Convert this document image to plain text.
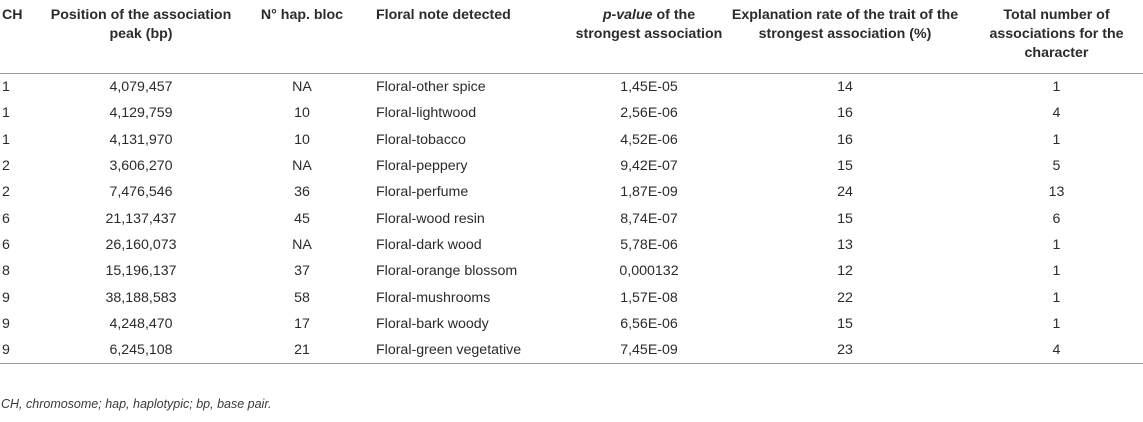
CH	Position of the association peak (bp)	N° hap. bloc	Floral note detected	p-value of the strongest association	Explanation rate of the trait of the strongest association (%)	Total number of associations for the character
1	4,079,457	NA	Floral-other spice	1,45E-05	14	1
1	4,129,759	10	Floral-lightwood	2,56E-06	16	4
1	4,131,970	10	Floral-tobacco	4,52E-06	16	1
2	3,606,270	NA	Floral-peppery	9,42E-07	15	5
2	7,476,546	36	Floral-perfume	1,87E-09	24	13
6	21,137,437	45	Floral-wood resin	8,74E-07	15	6
6	26,160,073	NA	Floral-dark wood	5,78E-06	13	1
8	15,196,137	37	Floral-orange blossom	0,000132	12	1
9	38,188,583	58	Floral-mushrooms	1,57E-08	22	1
9	4,248,470	17	Floral-bark woody	6,56E-06	15	1
9	6,245,108	21	Floral-green vegetative	7,45E-09	23	4
CH, chromosome; hap, haplotypic; bp, base pair.
